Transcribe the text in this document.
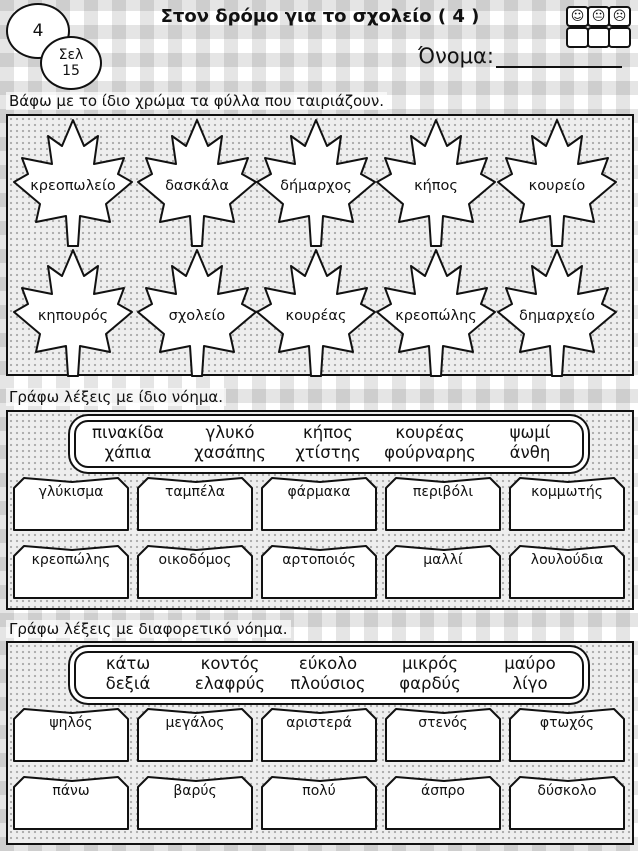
4
Σελ
15
Στον δρόμο για το σχολείο ( 4 )
Όνομα:
☺ 😐 ☹
Βάφω με το ίδιο χρώμα τα φύλλα που ταιριάζουν.
κρεοπωλείο	δασκάλα	δήμαρχος	κήπος	κουρείο
κηπουρός	σχολείο	κουρέας	κρεοπώλης	δημαρχείο
Γράφω λέξεις με ίδιο νόημα.
πινακίδα
χάπια
γλυκό
χασάπης
κήπος
χτίστης
κουρέας
φούρναρης
ψωμί
άνθη
γλύκισμα	ταμπέλα	φάρμακα	περιβόλι	κομμωτής
κρεοπώλης	οικοδόμος	αρτοποιός	μαλλί	λουλούδια
Γράφω λέξεις με διαφορετικό νόημα.
κάτω
δεξιά
κοντός
ελαφρύς
εύκολο
πλούσιος
μικρός
φαρδύς
μαύρο
λίγο
ψηλός	μεγάλος	αριστερά	στενός	φτωχός
πάνω	βαρύς	πολύ	άσπρο	δύσκολο
